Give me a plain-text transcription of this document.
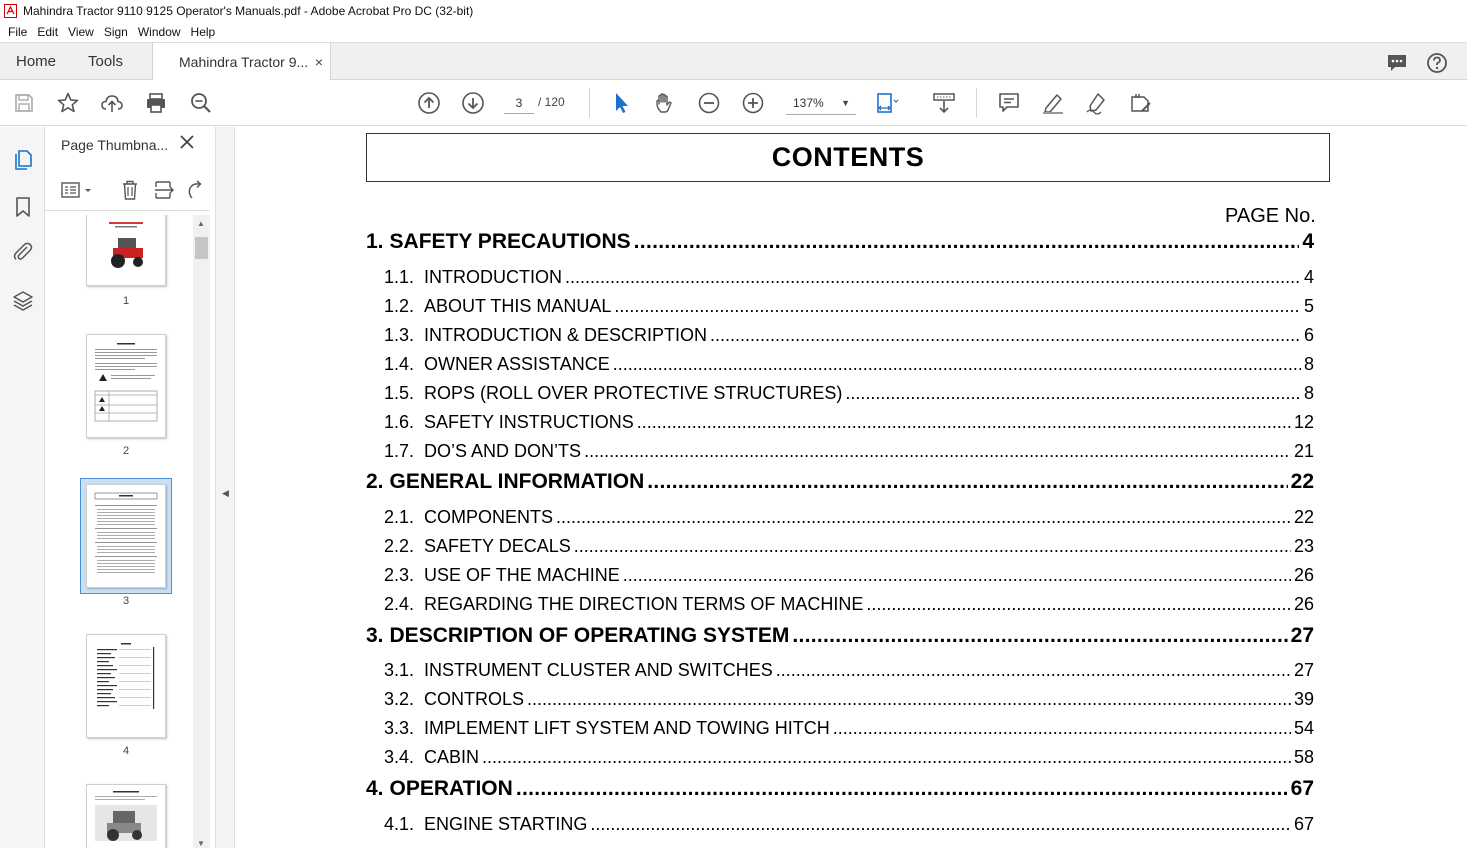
Mahindra Tractor 9110 9125 Operator's Manuals.pdf - Adobe Acrobat Pro DC (32-bit)
File Edit View Sign Window Help
Home Tools	Mahindra Tractor 9... ×
3
/ 120	137% ▼
Page Thumbna...
1
2
3
4
▲
▼
◀
CONTENTS
PAGE No.
1. SAFETY PRECAUTIONS .....	4
1.1. INTRODUCTION .....	4
1.2. ABOUT THIS MANUAL .....	5
1.3. INTRODUCTION & DESCRIPTION .....	6
1.4. OWNER ASSISTANCE .....	8
1.5. ROPS (ROLL OVER PROTECTIVE STRUCTURES) .....	8
1.6. SAFETY INSTRUCTIONS .....	12
1.7. DO’S AND DON’TS .....	21
2. GENERAL INFORMATION .....	22
2.1. COMPONENTS .....	22
2.2. SAFETY DECALS .....	23
2.3. USE OF THE MACHINE .....	26
2.4. REGARDING THE DIRECTION TERMS OF MACHINE .....	26
3. DESCRIPTION OF OPERATING SYSTEM .....	27
3.1. INSTRUMENT CLUSTER AND SWITCHES .....	27
3.2. CONTROLS .....	39
3.3. IMPLEMENT LIFT SYSTEM AND TOWING HITCH .....	54
3.4. CABIN .....	58
4. OPERATION .....	67
4.1. ENGINE STARTING .....	67
